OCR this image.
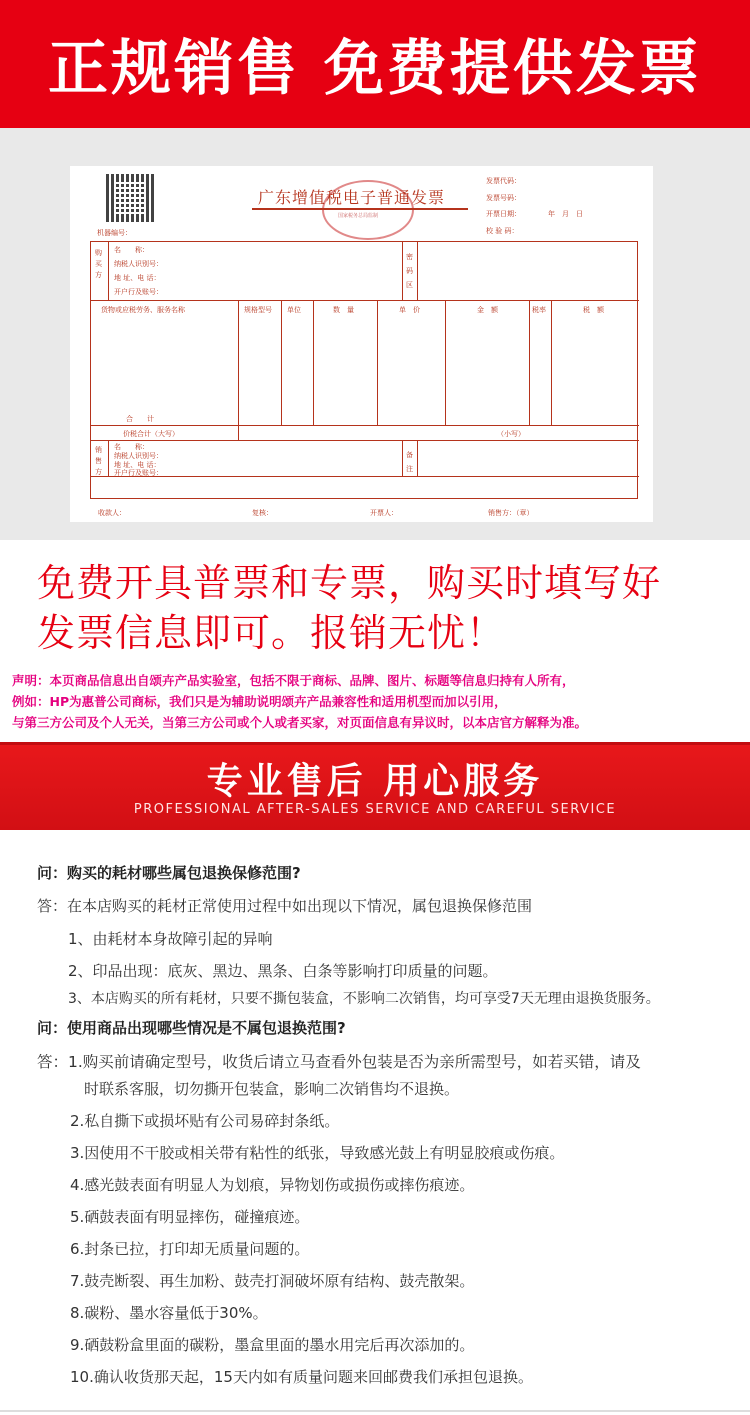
正规销售 免费提供发票
国家税务总局监制
广东增值税电子普通发票
发票代码：
发票号码：
开票日期：	年　月　日
校 验 码：
机器编号：
购买方
名　　称：
纳税人识别号：
地 址、电 话：
开户行及账号：
密码区
货物或应税劳务、服务名称	规格型号 单位	数　量	单　价	金　额	税率	税　额
合　　计
价税合计（大写）	（小写）
销售方
名　　称：
纳税人识别号：
地 址、电 话：
开户行及账号：
备注
收款人：	复核：	开票人：	销售方：（章）

免费开具普票和专票，购买时填写好

发票信息即可。报销无忧！

声明：本页商品信息出自颂卉产品实验室，包括不限于商标、品牌、图片、标题等信息归持有人所有，

例如：HP为惠普公司商标，我们只是为辅助说明颂卉产品兼容性和适用机型而加以引用，

与第三方公司及个人无关，当第三方公司或个人或者买家，对页面信息有异议时，以本店官方解释为准。

专业售后 用心服务
PROFESSIONAL AFTER-SALES SERVICE AND CAREFUL SERVICE
问：购买的耗材哪些属包退换保修范围?
答：在本店购买的耗材正常使用过程中如出现以下情况，属包退换保修范围
1、由耗材本身故障引起的异响
2、印品出现：底灰、黑边、黑条、白条等影响打印质量的问题。
3、本店购买的所有耗材，只要不撕包装盒，不影响二次销售，均可享受7天无理由退换货服务。
问：使用商品出现哪些情况是不属包退换范围?
答：1.购买前请确定型号，收货后请立马查看外包装是否为亲所需型号，如若买错，请及
时联系客服，切勿撕开包装盒，影响二次销售均不退换。
2.私自撕下或损坏贴有公司易碎封条纸。
3.因使用不干胶或相关带有粘性的纸张，导致感光鼓上有明显胶痕或伤痕。
4.感光鼓表面有明显人为划痕，异物划伤或损伤或摔伤痕迹。
5.硒鼓表面有明显摔伤，碰撞痕迹。
6.封条已拉，打印却无质量问题的。
7.鼓壳断裂、再生加粉、鼓壳打洞破坏原有结构、鼓壳散架。
8.碳粉、墨水容量低于30%。
9.硒鼓粉盒里面的碳粉，墨盒里面的墨水用完后再次添加的。
10.确认收货那天起，15天内如有质量问题来回邮费我们承担包退换。
